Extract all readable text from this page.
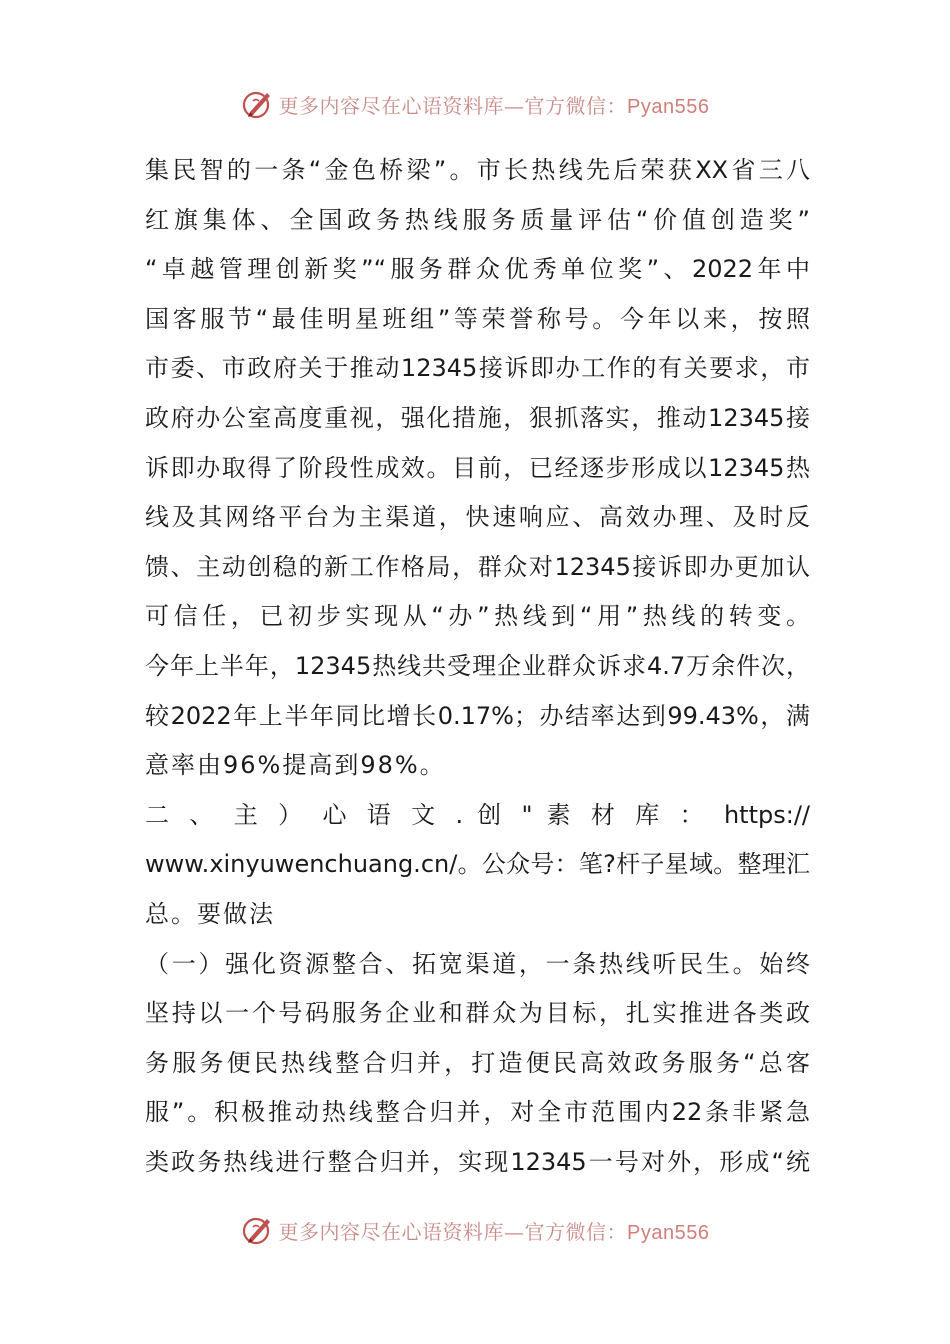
更多内容尽在心语资料库—官方微信：Pyan556
集民智的一条“金色桥梁”。市长热线先后荣获XX省三八
红旗集体、全国政务热线服务质量评估“价值创造奖”
“卓越管理创新奖”“服务群众优秀单位奖”、2022年中
国客服节“最佳明星班组”等荣誉称号。今年以来，按照
市委、市政府关于推动12345接诉即办工作的有关要求，市
政府办公室高度重视，强化措施，狠抓落实，推动12345接
诉即办取得了阶段性成效。目前，已经逐步形成以12345热
线及其网络平台为主渠道，快速响应、高效办理、及时反
馈、主动创稳的新工作格局，群众对12345接诉即办更加认
可信任，已初步实现从“办”热线到“用”热线的转变。
今年上半年，12345热线共受理企业群众诉求4.7万余件次，
较2022年上半年同比增长0.17%；办结率达到99.43%，满
意率由96%提高到98%。
二 、 主 ） 心 语 文 . 创 " 素 材 库 ： https://
www.xinyuwenchuang.cn/。公众号：笔?杆子星域。整理汇
总。要做法
（一）强化资源整合、拓宽渠道，一条热线听民生。始终
坚持以一个号码服务企业和群众为目标，扎实推进各类政
务服务便民热线整合归并，打造便民高效政务服务“总客
服”。积极推动热线整合归并，对全市范围内22条非紧急
类政务热线进行整合归并，实现12345一号对外，形成“统
更多内容尽在心语资料库—官方微信：Pyan556
